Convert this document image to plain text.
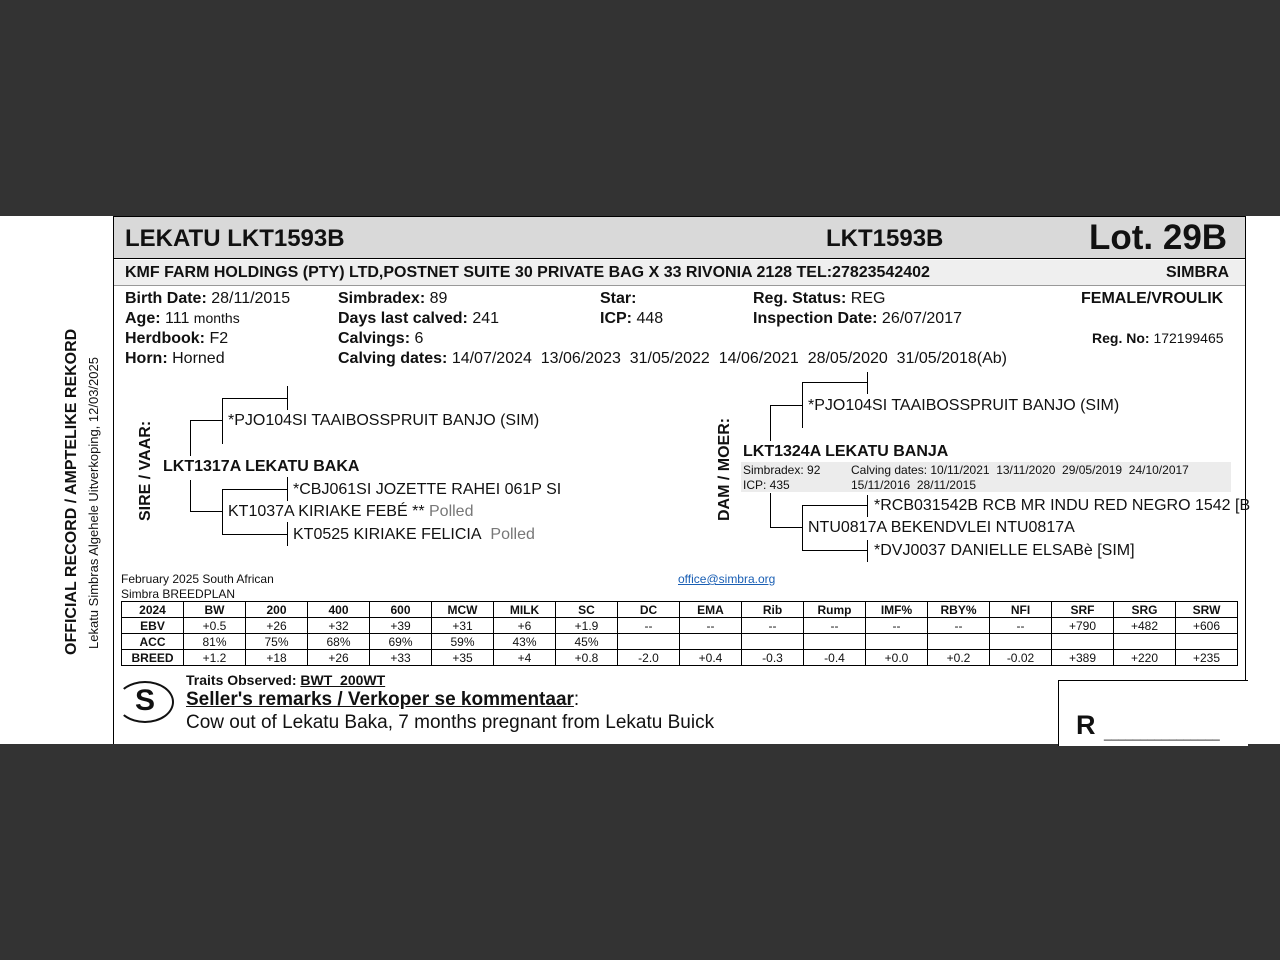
OFFICIAL RECORD / AMPTELIKE REKORD Lekatu Simbras Algehele Uitverkoping, 12/03/2025
LEKATU LKT1593B	LKT1593B	Lot. 29B
KMF FARM HOLDINGS (PTY) LTD,POSTNET SUITE 30 PRIVATE BAG X 33 RIVONIA 2128 TEL:27823542402	SIMBRA
Birth Date: 28/11/2015
Age: 111 months
Herdbook: F2
Horn: Horned
Simbradex: 89
Days last calved: 241
Calvings: 6
Calving dates: 14/07/2024  13/06/2023  31/05/2022  14/06/2021  28/05/2020  31/05/2018(Ab)
Star:
ICP: 448
Reg. Status: REG
Inspection Date: 26/07/2017
FEMALE/VROULIK
Reg. No: 172199465
SIRE / VAAR:
*PJO104SI TAAIBOSSPRUIT BANJO (SIM)
LKT1317A LEKATU BAKA
*CBJ061SI JOZETTE RAHEI 061P SI
KT1037A KIRIAKE FEBÉ ** Polled
KT0525 KIRIAKE FELICIA Polled
DAM / MOER:
*PJO104SI TAAIBOSSPRUIT BANJO (SIM)
LKT1324A LEKATU BANJA
Simbradex: 92
ICP: 435
Calving dates: 10/11/2021  13/11/2020  29/05/2019  24/10/2017
15/11/2016  28/11/2015
*RCB031542B RCB MR INDU RED NEGRO 1542 [B
NTU0817A BEKENDVLEI NTU0817A
*DVJ0037 DANIELLE ELSABè [SIM]
February 2025 South African
Simbra BREEDPLAN
office@simbra.org
2024	BW	200	400	600	MCW	MILK	SC	DC	EMA	Rib	Rump	IMF%	RBY%	NFI	SRF	SRG	SRW
EBV	+0.5	+26	+32	+39	+31	+6	+1.9	--	--	--	--	--	--	--	+790	+482	+606
ACC	81%	75%	68%	69%	59%	43%	45%										
BREED	+1.2	+18	+26	+33	+35	+4	+0.8	-2.0	+0.4	-0.3	-0.4	+0.0	+0.2	-0.02	+389	+220	+235
S
Traits Observed: BWT  200WT
Seller's remarks / Verkoper se kommentaar:
Cow out of Lekatu Baka, 7 months pregnant from Lekatu Buick	R ________________
